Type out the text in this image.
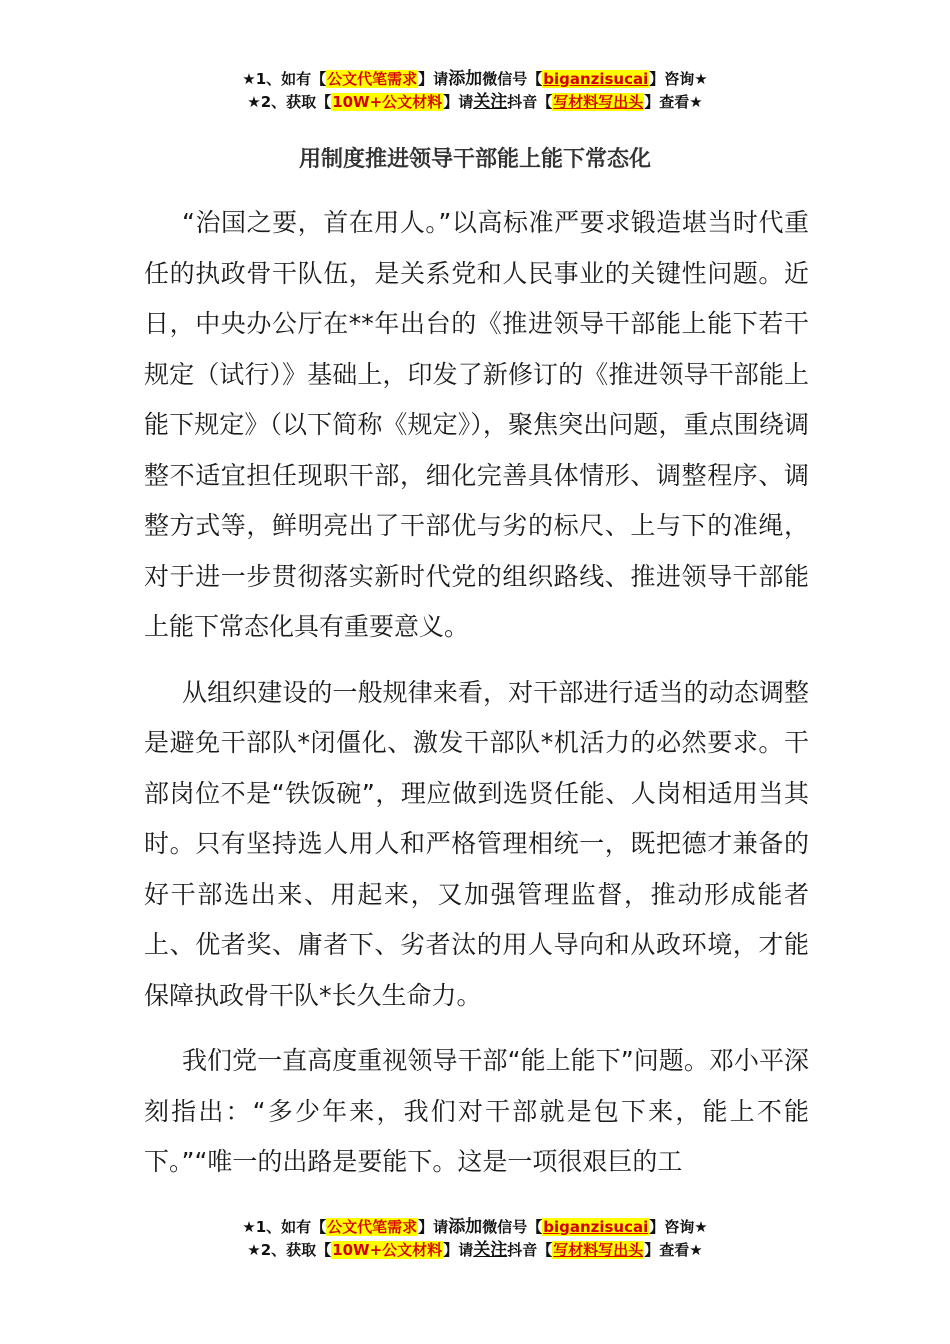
★1、如有【公文代笔需求】请添加微信号【biganzisucai】咨询★
★2、获取【10W+公文材料】请关注抖音【写材料写出头】查看★
用制度推进领导干部能上能下常态化

“治国之要，首在用人。”以高标准严要求锻造堪当时代重任的执政骨干队伍，是关系党和人民事业的关键性问题。近日，中央办公厅在**年出台的《推进领导干部能上能下若干规定（试行）》基础上，印发了新修订的《推进领导干部能上能下规定》（以下简称《规定》），聚焦突出问题，重点围绕调整不适宜担任现职干部，细化完善具体情形、调整程序、调整方式等，鲜明亮出了干部优与劣的标尺、上与下的准绳，对于进一步贯彻落实新时代党的组织路线、推进领导干部能上能下常态化具有重要意义。

从组织建设的一般规律来看，对干部进行适当的动态调整是避免干部队*闭僵化、激发干部队*机活力的必然要求。干部岗位不是“铁饭碗”，理应做到选贤任能、人岗相适用当其时。只有坚持选人用人和严格管理相统一，既把德才兼备的好干部选出来、用起来，又加强管理监督，推动形成能者上、优者奖、庸者下、劣者汰的用人导向和从政环境，才能保障执政骨干队*长久生命力。

我们党一直高度重视领导干部“能上能下”问题。邓小平深刻指出：“多少年来，我们对干部就是包下来，能上不能下。”“唯一的出路是要能下。这是一项很艰巨的工

★1、如有【公文代笔需求】请添加微信号【biganzisucai】咨询★
★2、获取【10W+公文材料】请关注抖音【写材料写出头】查看★
